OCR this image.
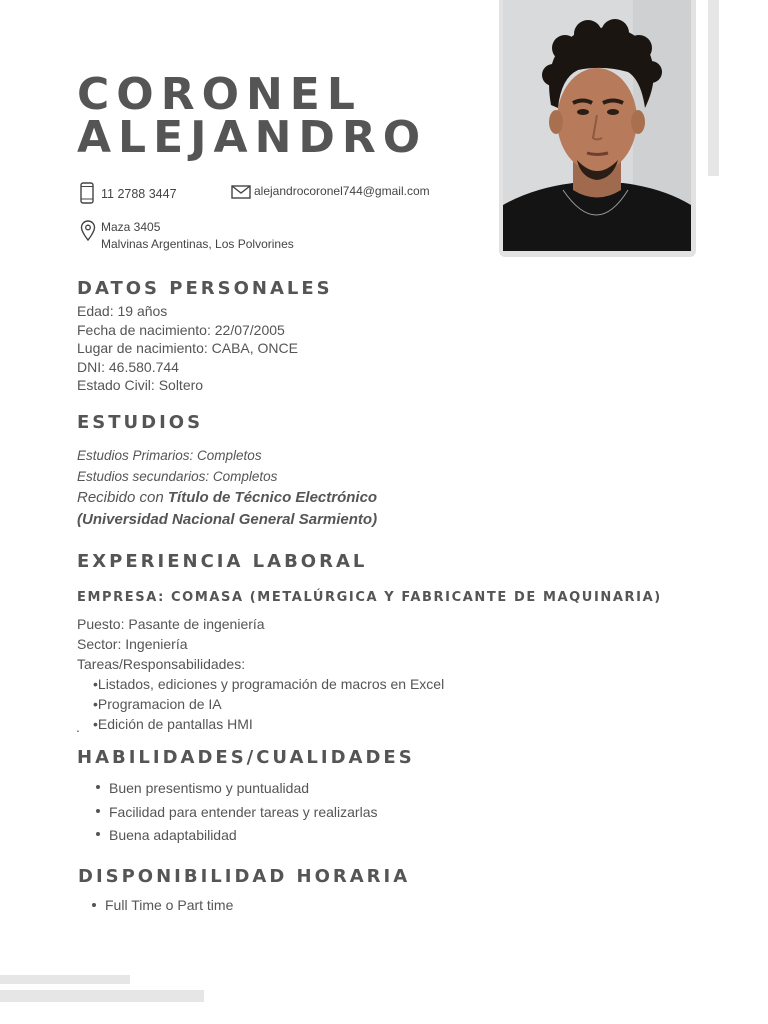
CORONEL
ALEJANDRO
11 2788 3447	alejandrocoronel744@gmail.com
Maza 3405
Malvinas Argentinas, Los Polvorines
DATOS PERSONALES
Edad: 19 años
Fecha de nacimiento: 22/07/2005
Lugar de nacimiento: CABA, ONCE
DNI: 46.580.744
Estado Civil: Soltero
ESTUDIOS
Estudios Primarios: Completos
Estudios secundarios: Completos
Recibido con Título de Técnico Electrónico
(Universidad Nacional General Sarmiento)
EXPERIENCIA LABORAL
EMPRESA: COMASA (METALÚRGICA Y FABRICANTE DE MAQUINARIA)
Puesto: Pasante de ingeniería
Sector: Ingeniería
Tareas/Responsabilidades:
•Listados, ediciones y programación de macros en Excel
•Programacion de IA
•Edición de pantallas HMI
.
HABILIDADES/CUALIDADES
Buen presentismo y puntualidad
Facilidad para entender tareas y realizarlas
Buena adaptabilidad
DISPONIBILIDAD HORARIA
Full Time o Part time
